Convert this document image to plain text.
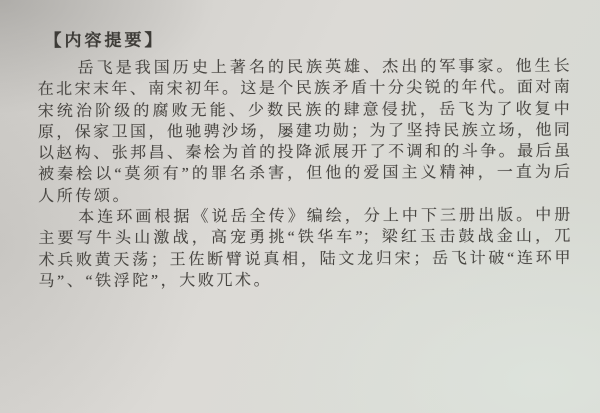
【内容提要】
岳飞是我国历史上著名的民族英雄、杰出的军事家。他生长
在北宋末年、南宋初年。这是个民族矛盾十分尖锐的年代。面对南
宋统治阶级的腐败无能、少数民族的肆意侵扰，岳飞为了收复中
原，保家卫国，他驰骋沙场，屡建功勋；为了坚持民族立场，他同
以赵构、张邦昌、秦桧为首的投降派展开了不调和的斗争。最后虽
被秦桧以“莫须有”的罪名杀害，但他的爱国主义精神，一直为后
人所传颂。
本连环画根据《说岳全传》编绘，分上中下三册出版。中册
主要写牛头山激战，高宠勇挑“铁华车”；梁红玉击鼓战金山，兀
术兵败黄天荡；王佐断臂说真相，陆文龙归宋；岳飞计破“连环甲
马”、“铁浮陀”，大败兀术。
